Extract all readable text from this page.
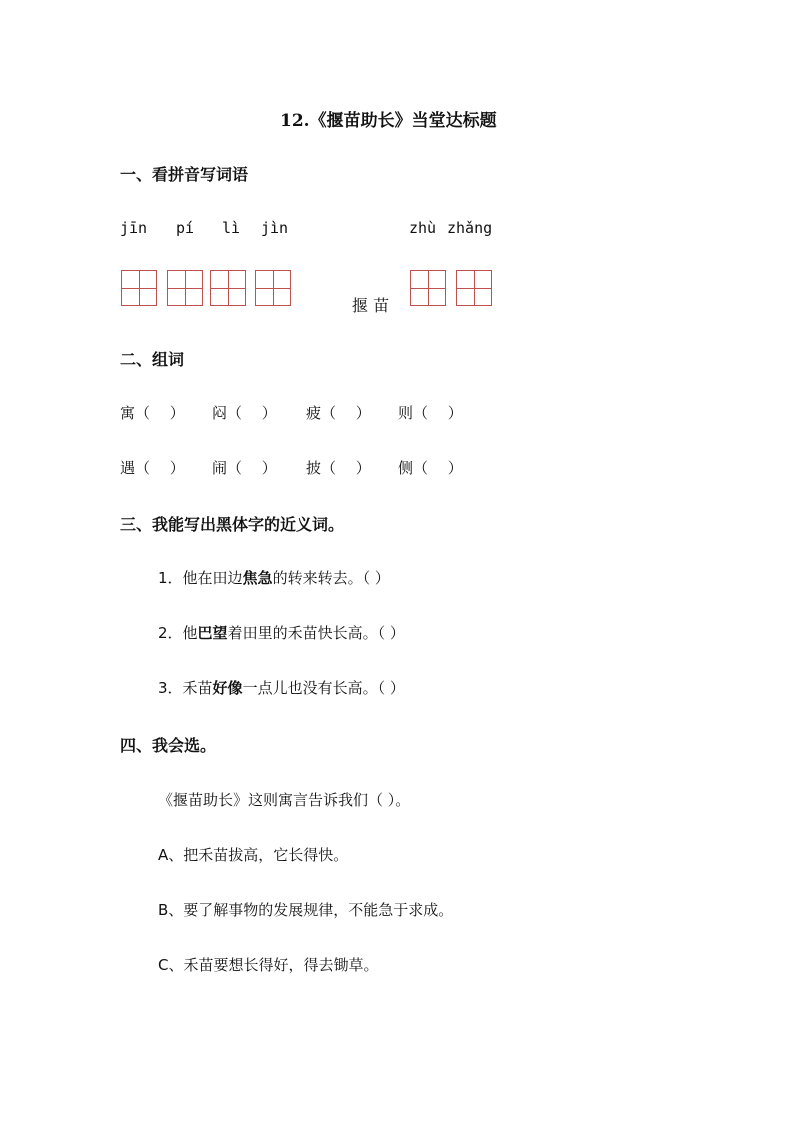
12.《揠苗助长》当堂达标题
一、看拼音写词语
jīn pí lì jìn	zhù zhǎng
揠 苗
二、组词
寓（　 ） 闷（　 ） 疲（　 ） 则（　 ）
遇（　 ） 闹（　 ） 披（　 ） 侧（　 ）
三、我能写出黑体字的近义词。
1．他在田边焦急的转来转去。（ ）
2．他巴望着田里的禾苗快长高。（ ）
3．禾苗好像一点儿也没有长高。（ ）
四、我会选。
《揠苗助长》这则寓言告诉我们（ ）。
A、把禾苗拔高，它长得快。
B、要了解事物的发展规律，不能急于求成。
C、禾苗要想长得好，得去锄草。
